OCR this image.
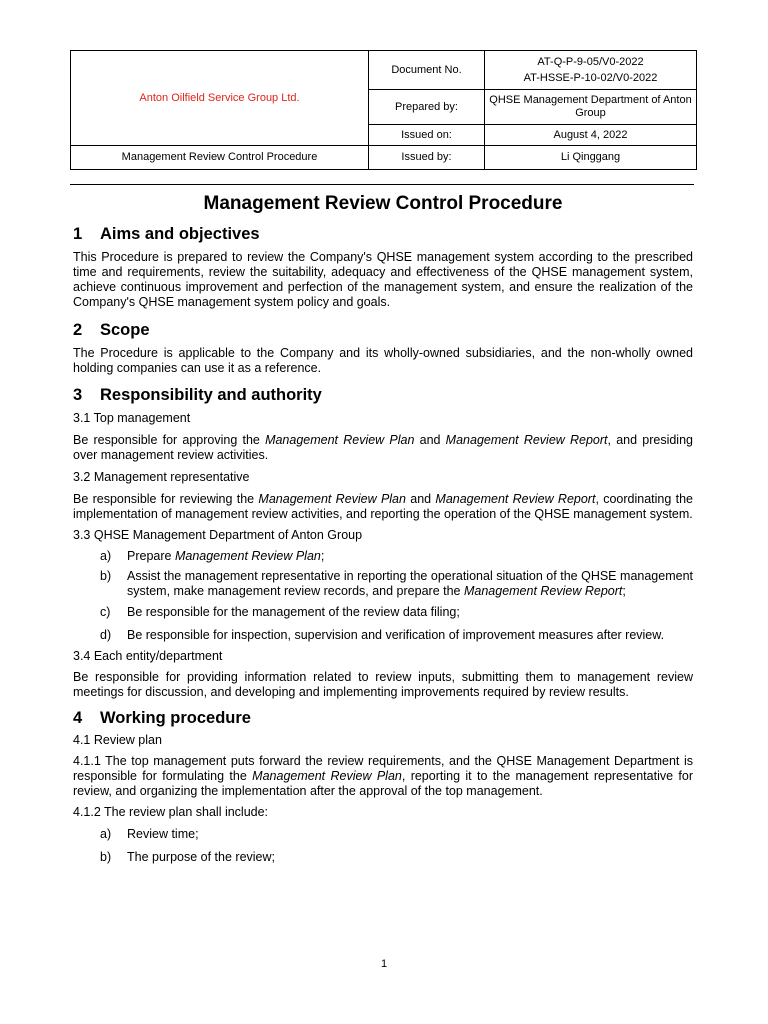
Anton Oilfield Service Group Ltd.	Document No.	AT-Q-P-9-05/V0-2022
AT-HSSE-P-10-02/V0-2022

	Prepared by:	QHSE Management Department of Anton Group
	Issued on:	August 4, 2022
Management Review Control Procedure	Issued by:	Li Qinggang
Management Review Control Procedure
1 Aims and objectives

This Procedure is prepared to review the Company's QHSE management system according to the prescribed time and requirements, review the suitability, adequacy and effectiveness of the QHSE management system, achieve continuous improvement and perfection of the management system, and ensure the realization of the Company's QHSE management system policy and goals.

2 Scope

The Procedure is applicable to the Company and its wholly-owned subsidiaries, and the non-wholly owned holding companies can use it as a reference.

3 Responsibility and authority

3.1 Top management

Be responsible for approving the Management Review Plan and Management Review Report, and presiding over management review activities.

3.2 Management representative

Be responsible for reviewing the Management Review Plan and Management Review Report, coordinating the implementation of management review activities, and reporting the operation of the QHSE management system.

3.3 QHSE Management Department of Anton Group

a) Prepare Management Review Plan;
b) Assist the management representative in reporting the operational situation of the QHSE management system, make management review records, and prepare the Management Review Report;
c) Be responsible for the management of the review data filing;
d) Be responsible for inspection, supervision and verification of improvement measures after review.

3.4 Each entity/department

Be responsible for providing information related to review inputs, submitting them to management review meetings for discussion, and developing and implementing improvements required by review results.

4 Working procedure

4.1 Review plan

4.1.1 The top management puts forward the review requirements, and the QHSE Management Department is responsible for formulating the Management Review Plan, reporting it to the management representative for review, and organizing the implementation after the approval of the top management.

4.1.2 The review plan shall include:

a) Review time;
b) The purpose of the review;
1
